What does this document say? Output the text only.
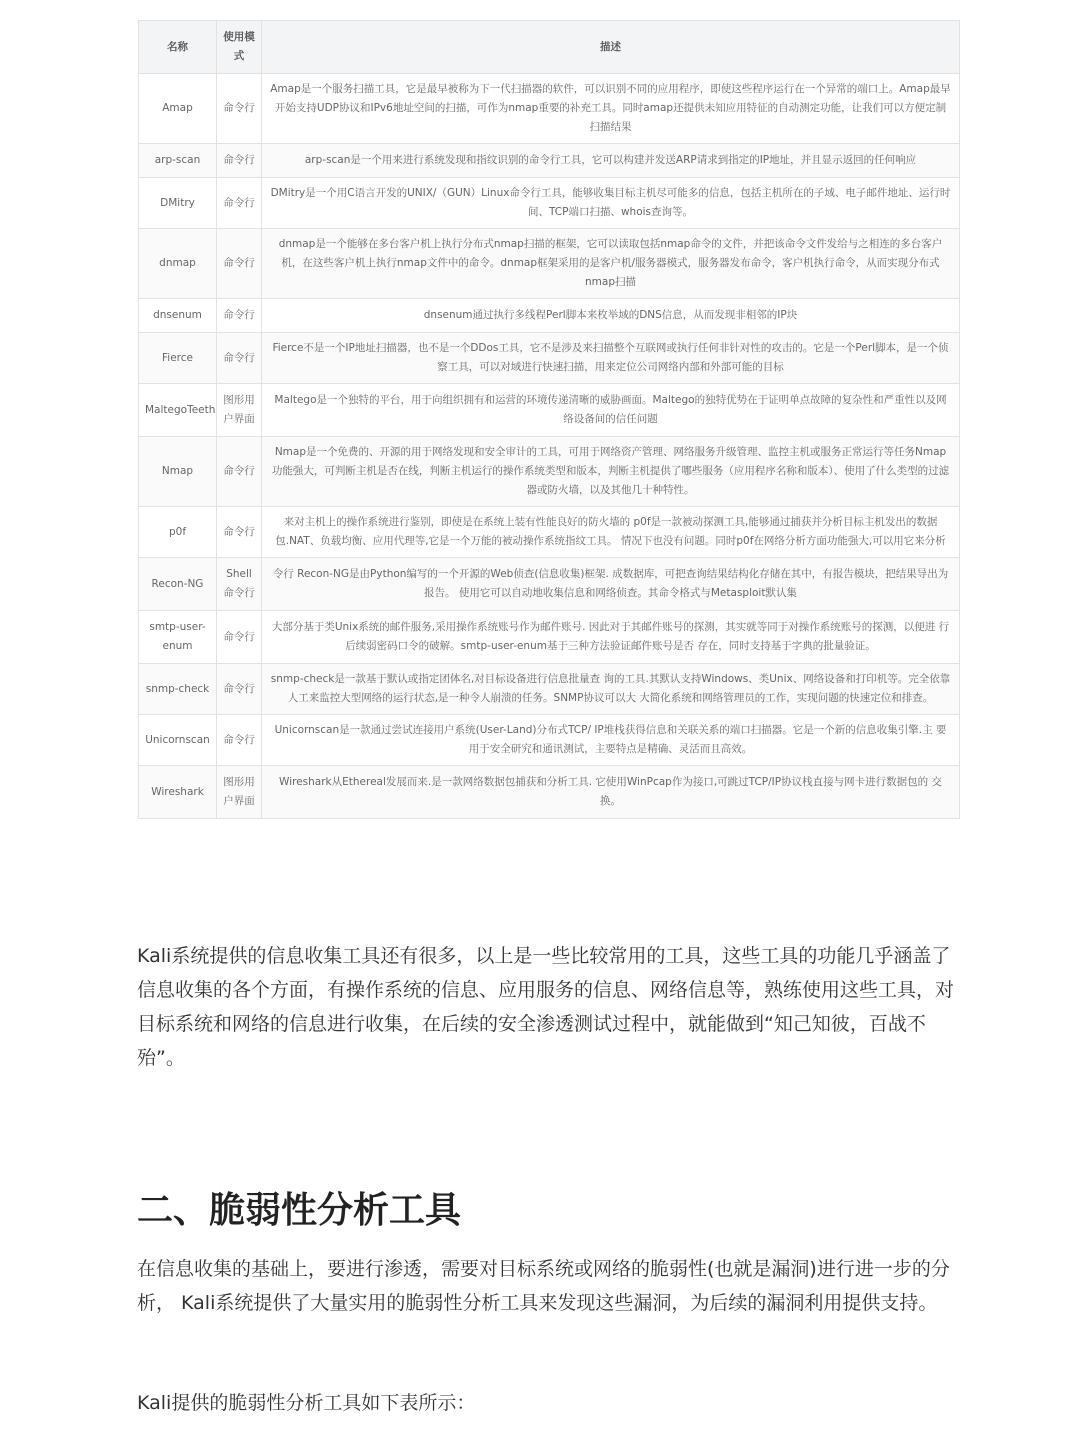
名称	使用模式	描述
Amap	命令行	Amap是一个服务扫描工具，它是最早被称为下一代扫描器的软件，可以识别不同的应用程序，即使这些程序运行在一个异常的端口上。Amap最早开始支持UDP协议和IPv6地址空间的扫描，可作为nmap重要的补充工具。同时amap还提供未知应用特征的自动测定功能，让我们可以方便定制扫描结果
arp-scan	命令行	arp-scan是一个用来进行系统发现和指纹识别的命令行工具，它可以构建并发送ARP请求到指定的IP地址，并且显示返回的任何响应
DMitry	命令行	DMitry是一个用C语言开发的UNIX/（GUN）Linux命令行工具，能够收集目标主机尽可能多的信息，包括主机所在的子域、电子邮件地址、运行时间、TCP端口扫描、whois查询等。
dnmap	命令行	dnmap是一个能够在多台客户机上执行分布式nmap扫描的框架，它可以读取包括nmap命令的文件，并把该命令文件发给与之相连的多台客户机，在这些客户机上执行nmap文件中的命令。dnmap框架采用的是客户机/服务器模式，服务器发布命令，客户机执行命令，从而实现分布式nmap扫描
dnsenum	命令行	dnsenum通过执行多线程Perl脚本来枚举域的DNS信息，从而发现非相邻的IP块
Fierce	命令行	Fierce不是一个IP地址扫描器，也不是一个DDos工具，它不是涉及来扫描整个互联网或执行任何非针对性的攻击的。它是一个Perl脚本，是一个侦察工具，可以对域进行快速扫描，用来定位公司网络内部和外部可能的目标
MaltegoTeeth	图形用户界面	Maltego是一个独特的平台，用于向组织拥有和运营的环境传递清晰的威胁画面。Maltego的独特优势在于证明单点故障的复杂性和严重性以及网络设备间的信任问题
Nmap	命令行	Nmap是一个免费的、开源的用于网络发现和安全审计的工具，可用于网络资产管理、网络服务升级管理、监控主机或服务正常运行等任务Nmap功能强大，可判断主机是否在线，判断主机运行的操作系统类型和版本，判断主机提供了哪些服务（应用程序名称和版本）、使用了什么类型的过滤器或防火墙，以及其他几十种特性。
p0f	命令行	来对主机上的操作系统进行鉴别，即使是在系统上装有性能良好的防火墙的 p0f是一款被动探测工具,能够通过捕获并分析目标主机发出的数据包.NAT、负载均衡、应用代理等,它是一个万能的被动操作系统指纹工具。 情况下也没有问题。同时p0f在网络分析方面功能强大,可以用它来分析
Recon-NG	Shell命令行	令行 Recon-NG是由Python编写的一个开源的Web侦查(信息收集)框架. 成数据库，可把查询结果结构化存储在其中，有报告模块，把结果导出为报告。 使用它可以自动地收集信息和网络侦查。其命令格式与Metasploit默认集
smtp-user-enum	命令行	大部分基于类Unix系统的邮件服务,采用操作系统账号作为邮件账号. 因此对于其邮件账号的探测，其实就等同于对操作系统账号的探测，以便进 行后续弱密码口令的破解。smtp-user-enum基于三种方法验证邮件账号是否 存在，同时支持基于字典的批量验证。
snmp-check	命令行	snmp-check是一款基于默认或指定团体名,对目标设备进行信息批量查 询的工具.其默认支持Windows、类Unix、网络设备和打印机等。完全依靠 人工来监控大型网络的运行状态,是一种令人崩溃的任务。SNMP协议可以大 大简化系统和网络管理员的工作，实现问题的快速定位和排查。
Unicornscan	命令行	Unicornscan是一款通过尝试连接用户系统(User-Land)分布式TCP/ IP堆栈获得信息和关联关系的端口扫描器。它是一个新的信息收集引擎.主 要用于安全研究和通讯测试，主要特点是精确、灵活而且高效。
Wireshark	图形用户界面	Wireshark从Ethereal发展而来.是一款网络数据包捕获和分析工具. 它使用WinPcap作为接口,可跳过TCP/IP协议栈直接与网卡进行数据包的 交换。

Kali系统提供的信息收集工具还有很多，以上是一些比较常用的工具，这些工具的功能几乎涵盖了信息收集的各个方面，有操作系统的信息、应用服务的信息、网络信息等，熟练使用这些工具，对目标系统和网络的信息进行收集，在后续的安全渗透测试过程中，就能做到“知己知彼，百战不殆”。

二、脆弱性分析工具

在信息收集的基础上，要进行渗透，需要对目标系统或网络的脆弱性(也就是漏洞)进行进一步的分析， Kali系统提供了大量实用的脆弱性分析工具来发现这些漏洞，为后续的漏洞利用提供支持。

Kali提供的脆弱性分析工具如下表所示：
